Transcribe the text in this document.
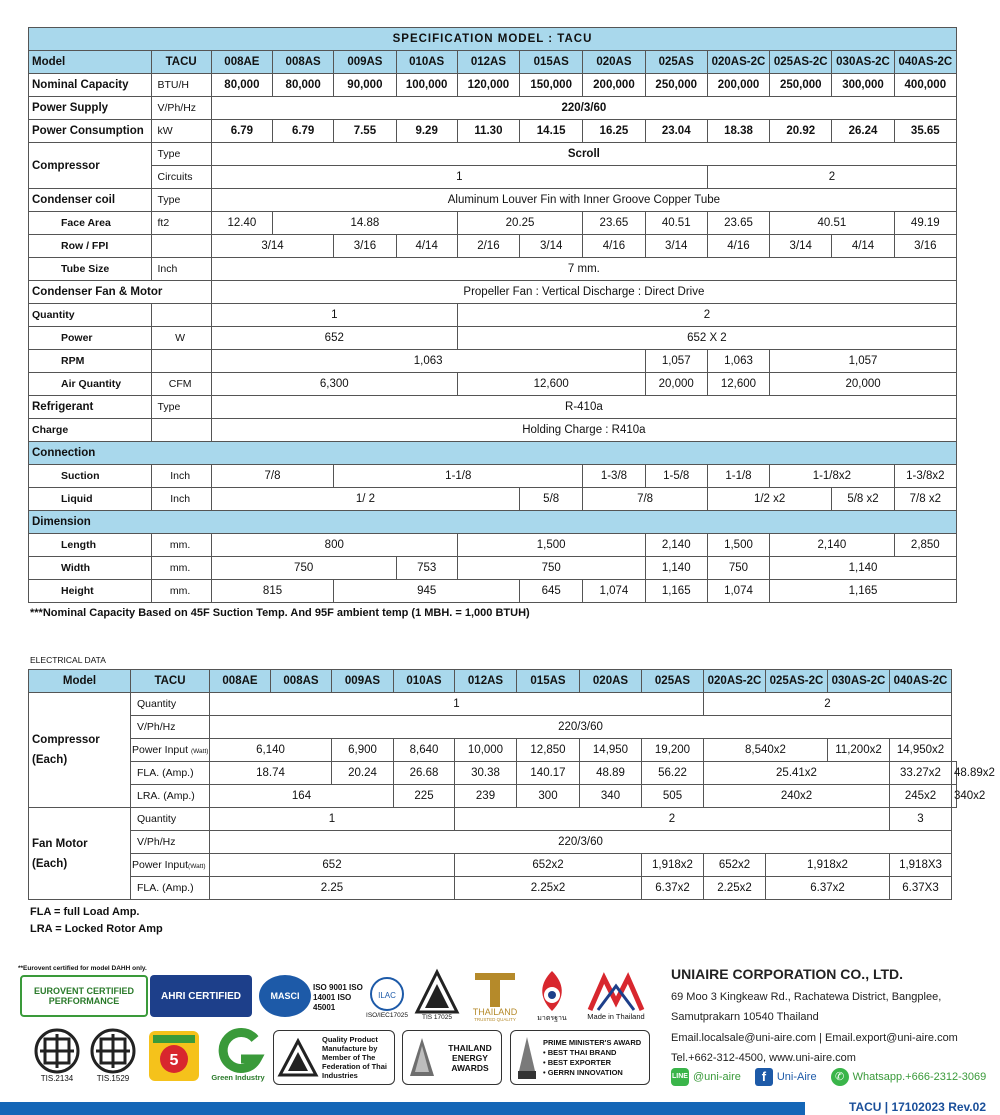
SPECIFICATION MODEL : TACU													
Model	TACU	008AE	008AS	009AS	010AS	012AS	015AS	020AS	025AS	020AS-2C	025AS-2C	030AS-2C	040AS-2C
Nominal Capacity	BTU/H	80,000	80,000	90,000	100,000	120,000	150,000	200,000	250,000	200,000	250,000	300,000	400,000
Power Supply	V/Ph/Hz	220/3/60											
Power Consumption	kW	6.79	6.79	7.55	9.29	11.30	14.15	16.25	23.04	18.38	20.92	26.24	35.65
Compressor	Type	Scroll											
	Circuits	1								2			
Condenser coil	Type	Aluminum Louver Fin with Inner Groove Copper Tube											
Face Area	ft2	12.40	14.88			20.25		23.65	40.51	23.65	40.51		49.19
Row / FPI		3/14		3/16	4/14	2/16	3/14	4/16	3/14	4/16	3/14	4/14	3/16
Tube Size	Inch	7 mm.											
Condenser Fan & Motor		Propeller Fan : Vertical Discharge : Direct Drive											
Quantity		1				2							
Power	W	652				652 X 2							
RPM		1,063							1,057	1,063	1,057		
Air Quantity	CFM	6,300				12,600			20,000	12,600	20,000		
Refrigerant	Type	R-410a											
Charge		Holding Charge : R410a											
Connection													
Suction	Inch	7/8		1-1/8				1-3/8	1-5/8	1-1/8	1-1/8x2		1-3/8x2
Liquid	Inch	1/ 2					5/8	7/8		1/2 x2		5/8 x2	7/8 x2
Dimension													
Length	mm.	800				1,500			2,140	1,500	2,140		2,850
Width	mm.	750			753	750			1,140	750	1,140		
Height	mm.	815		945			645	1,074	1,165	1,074	1,165		
***Nominal Capacity Based on 45F Suction Temp. And 95F ambient temp (1 MBH. = 1,000 BTUH)
ELECTRICAL DATA
Model	TACU	008AE	008AS	009AS	010AS	012AS	015AS	020AS	025AS	020AS-2C	025AS-2C	030AS-2C	040AS-2C	
Compressor
(Each)	Quantity	1								2				
	V/Ph/Hz	220/3/60												
	Power Input (Watt)	6,140		6,900	8,640	10,000	12,850	14,950	19,200	8,540x2		11,200x2	14,950x2	
	FLA. (Amp.)	18.74		20.24	26.68	30.38	140.17	48.89	56.22	25.41x2			33.27x2	48.89x2
	LRA. (Amp.)	164			225	239	300	340	505	240x2			245x2	340x2
Fan Motor
(Each)	Quantity	1				2							3	
	V/Ph/Hz	220/3/60												
	Power Input(Watt)	652				652x2			1,918x2	652x2	1,918x2		1,918X3	
	FLA. (Amp.)	2.25				2.25x2			6.37x2	2.25x2	6.37x2		6.37X3	
FLA = full Load Amp.
LRA = Locked Rotor Amp
**Eurovent certified for model DAHH only.
EUROVENT CERTIFIED PERFORMANCE	AHRI CERTIFIED	MASCI
ISO 9001 ISO 14001 ISO 45001
ILAC
ISO/IEC17025 TIS 17025
THAILAND
TRUSTED QUALITY	มาตรฐาน	Made in Thailand
TIS.2134	TIS.1529
5
Green Industry
Quality Product Manufacture by Member of The Federation of Thai Industries
THAILAND ENERGY AWARDS
PRIME MINISTER'S AWARD
• BEST THAI BRAND
• BEST EXPORTER
• GERRN INNOVATION
UNIAIRE CORPORATION CO., LTD.
69 Moo 3 Kingkeaw Rd., Rachatewa District, Bangplee,
Samutprakarn 10540 Thailand
Email.localsale@uni-aire.com | Email.export@uni-aire.com
Tel.+662-312-4500, www.uni-aire.com
LINE @uni-aire	f Uni-Aire	✆ Whatsapp.+666-2312-3069
TACU | 17102023 Rev.02
